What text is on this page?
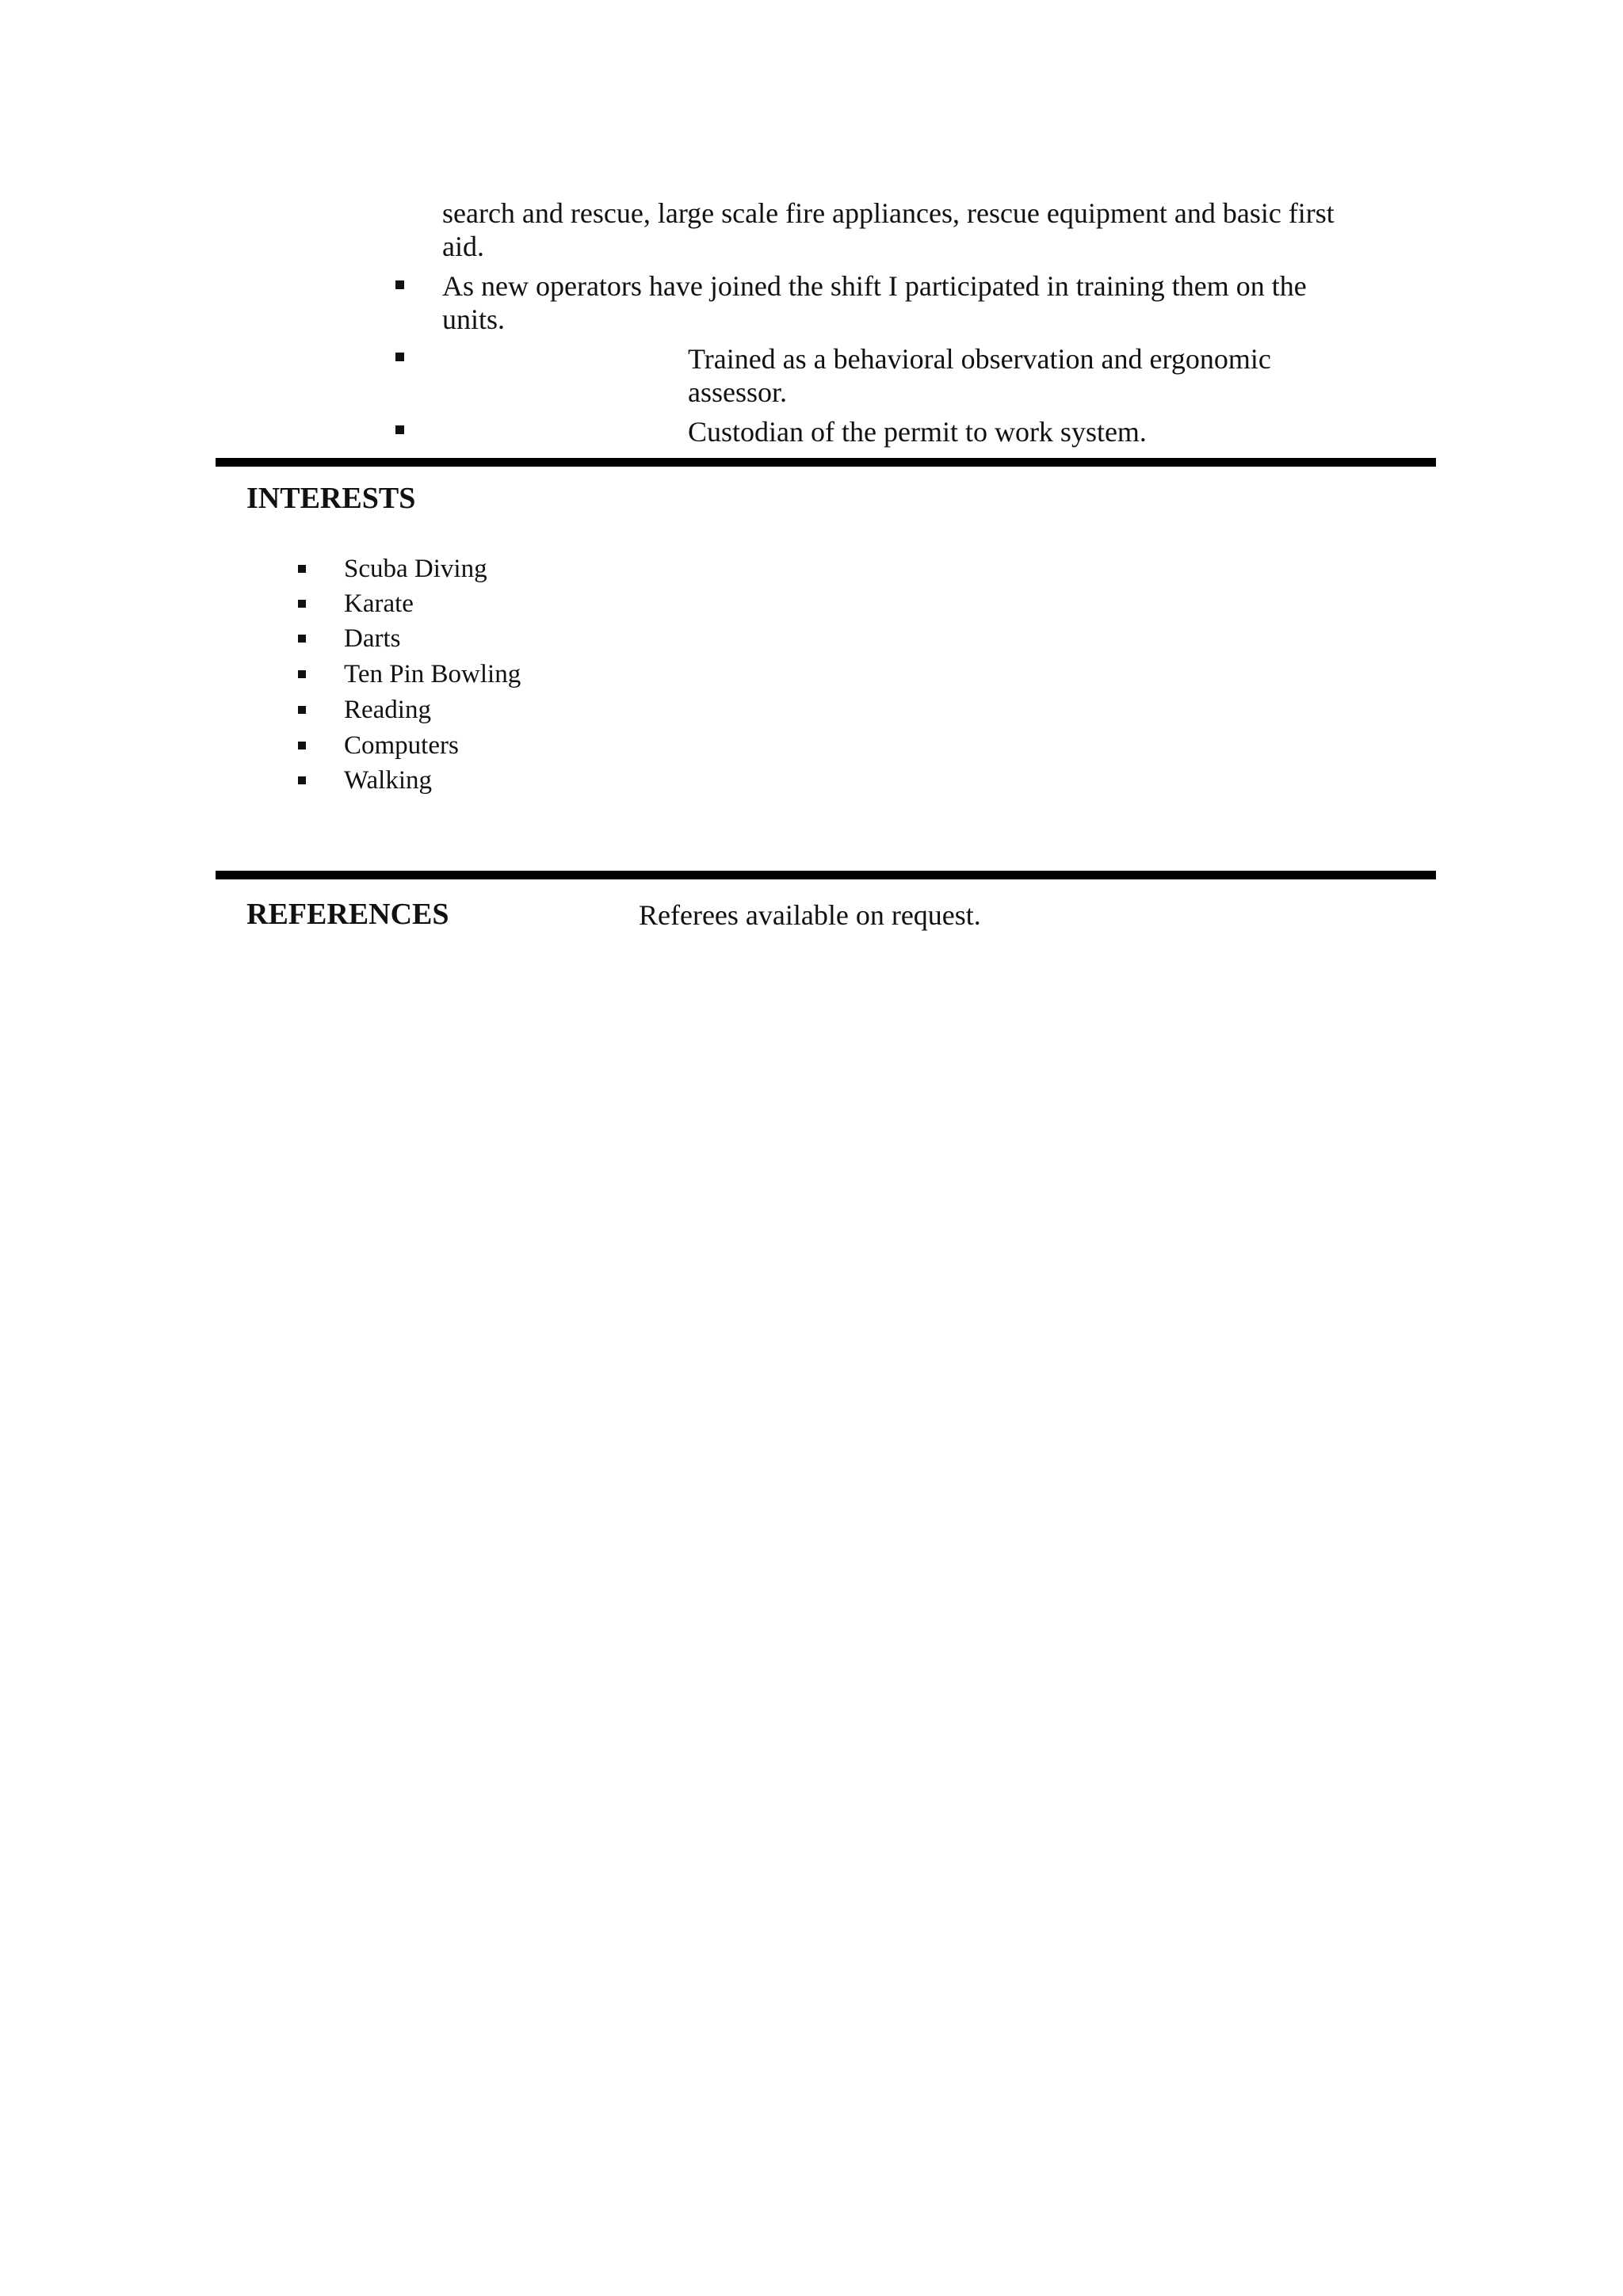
search and rescue, large scale fire appliances, rescue equipment and basic first
aid.
As new operators have joined the shift I participated in training them on the
units.
Trained as a behavioral observation and ergonomic
assessor.
Custodian of the permit to work system.
INTERESTS
Scuba Diving
Karate
Darts
Ten Pin Bowling
Reading
Computers
Walking
REFERENCES	Referees available on request.
